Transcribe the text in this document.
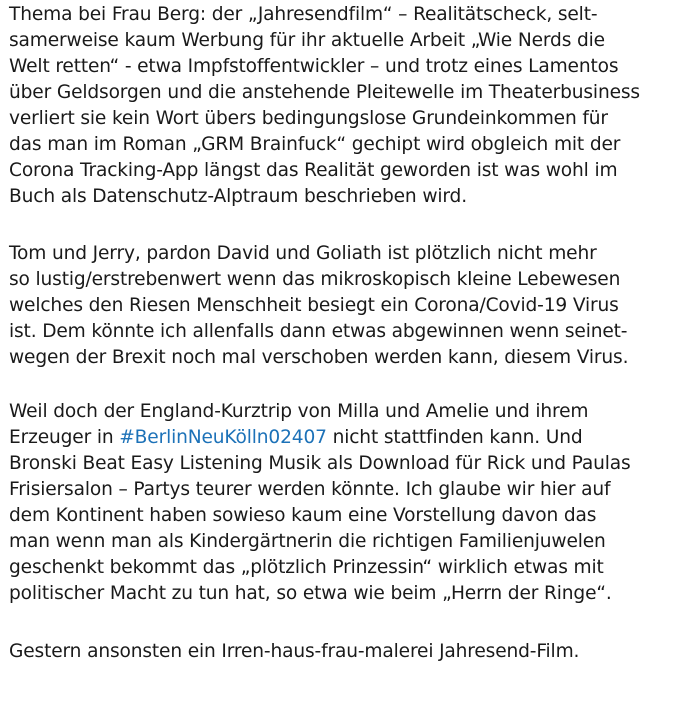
Thema bei Frau Berg: der „Jahresendfilm“ – Realitätscheck, selt-
samerweise kaum Werbung für ihr aktuelle Arbeit „Wie Nerds die
Welt retten“ - etwa Impfstoffentwickler – und trotz eines Lamentos
über Geldsorgen und die anstehende Pleitewelle im Theaterbusiness
verliert sie kein Wort übers bedingungslose Grundeinkommen für
das man im Roman „GRM Brainfuck“ gechipt wird obgleich mit der
Corona Tracking-App längst das Realität geworden ist was wohl im
Buch als Datenschutz-Alptraum beschrieben wird.
Tom und Jerry, pardon David und Goliath ist plötzlich nicht mehr
so lustig/erstrebenwert wenn das mikroskopisch kleine Lebewesen
welches den Riesen Menschheit besiegt ein Corona/Covid-19 Virus
ist. Dem könnte ich allenfalls dann etwas abgewinnen wenn seinet-
wegen der Brexit noch mal verschoben werden kann, diesem Virus.
Weil doch der England-Kurztrip von Milla und Amelie und ihrem
Erzeuger in #BerlinNeuKölln02407 nicht stattfinden kann. Und
Bronski Beat Easy Listening Musik als Download für Rick und Paulas
Frisiersalon – Partys teurer werden könnte. Ich glaube wir hier auf
dem Kontinent haben sowieso kaum eine Vorstellung davon das
man wenn man als Kindergärtnerin die richtigen Familienjuwelen
geschenkt bekommt das „plötzlich Prinzessin“ wirklich etwas mit
politischer Macht zu tun hat, so etwa wie beim „Herrn der Ringe“.
Gestern ansonsten ein Irren-haus-frau-malerei Jahresend-Film.
